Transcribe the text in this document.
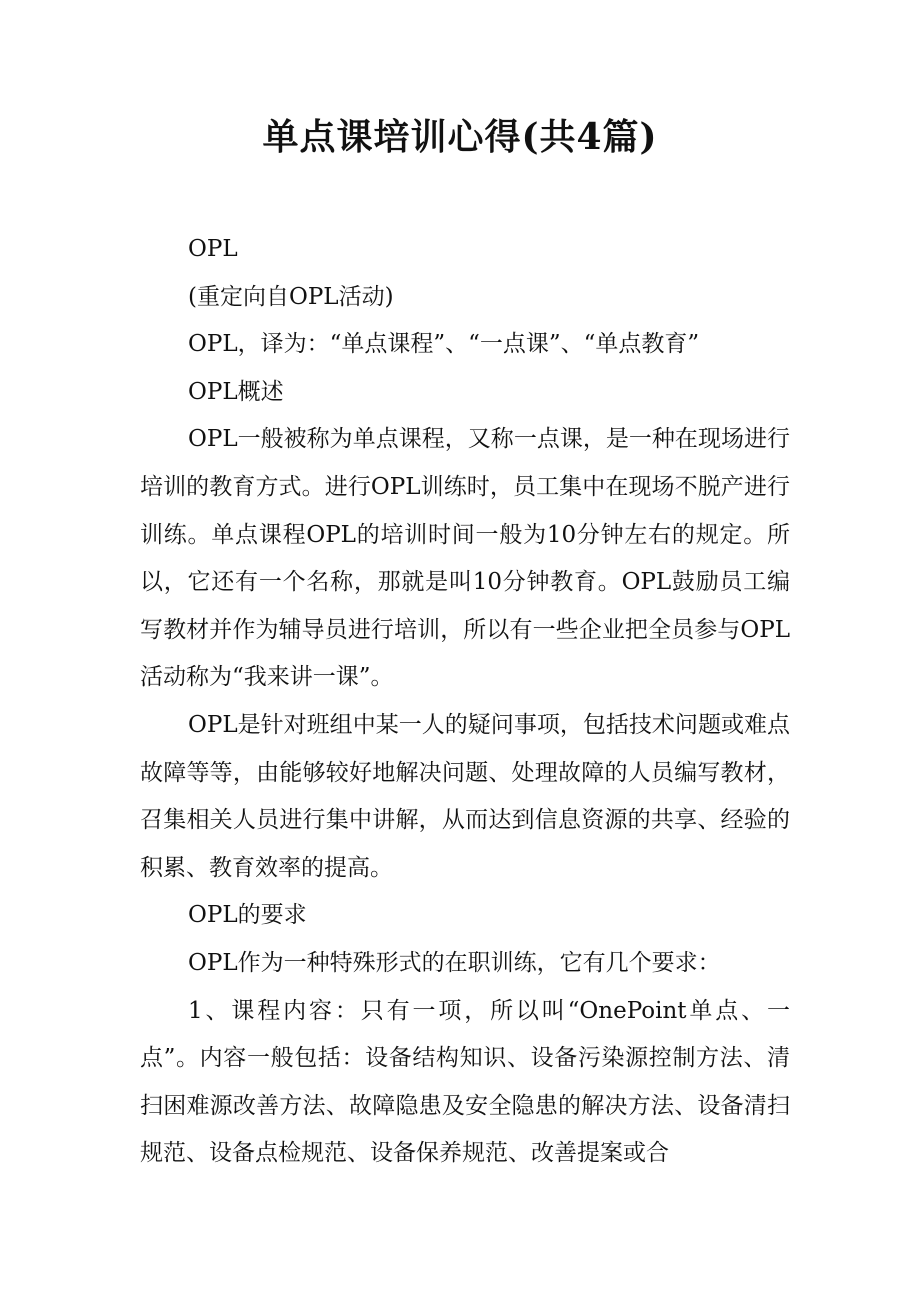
单点课培训心得(共4篇)

OPL

(重定向自OPL活动)

OPL，译为：“单点课程”、“一点课”、“单点教育”

OPL概述

OPL一般被称为单点课程，又称一点课，是一种在现场进行培训的教育方式。进行OPL训练时，员工集中在现场不脱产进行训练。单点课程OPL的培训时间一般为10分钟左右的规定。所以，它还有一个名称，那就是叫10分钟教育。OPL鼓励员工编写教材并作为辅导员进行培训，所以有一些企业把全员参与OPL活动称为“我来讲一课”。

OPL是针对班组中某一人的疑问事项，包括技术问题或难点故障等等，由能够较好地解决问题、处理故障的人员编写教材，召集相关人员进行集中讲解，从而达到信息资源的共享、经验的积累、教育效率的提高。

OPL的要求

OPL作为一种特殊形式的在职训练，它有几个要求：

1、课程内容：只有一项，所以叫“OnePoint单点、一点”。内容一般包括：设备结构知识、设备污染源控制方法、清扫困难源改善方法、故障隐患及安全隐患的解决方法、设备清扫规范、设备点检规范、设备保养规范、改善提案或合
